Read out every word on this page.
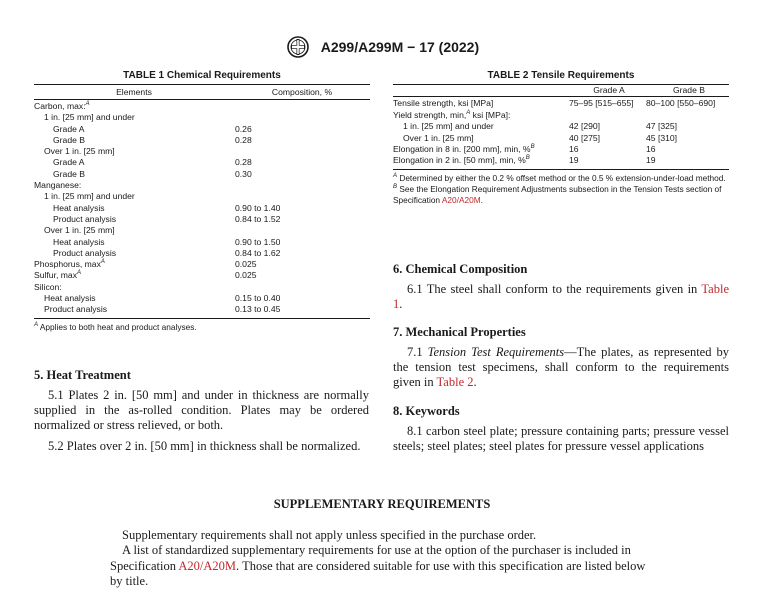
A299/A299M − 17 (2022)
TABLE 1 Chemical Requirements
Elements	Composition, %
Carbon, max:$^A$
1 in. [25 mm] and under
Grade A	0.26
Grade B	0.28
Over 1 in. [25 mm]
Grade A	0.28
Grade B	0.30
Manganese:
1 in. [25 mm] and under
Heat analysis	0.90 to 1.40
Product analysis	0.84 to 1.52
Over 1 in. [25 mm]
Heat analysis	0.90 to 1.50
Product analysis	0.84 to 1.62
Phosphorus, $\max^A$	0.025
Sulfur, $\max^A$	0.025
Silicon:
Heat analysis	0.15 to 0.40
Product analysis	0.13 to 0.45
$^A$ Applies to both heat and product analyses.
TABLE 2 Tensile Requirements
Grade A	Grade B
Tensile strength, ksi [MPa]	75–95 [515–655] 80–100 [550–690]
Yield strength, min,$^A$ ksi [MPa]:
1 in. [25 mm] and under	42 [290]	47 [325]
Over 1 in. [25 mm]	40 [275]	45 [310]
Elongation in 8 in. [200 mm], min, %$^B$	16	16
Elongation in 2 in. [50 mm], min, %$^B$	19	19
$^A$ Determined by either the 0.2 % offset method or the 0.5 % extension-under-load method.
$^B$ See the Elongation Requirement Adjustments subsection in the Tension Tests section of Specification A20/A20M.
5. Heat Treatment
5.1 Plates 2 in. [50 mm] and under in thickness are normally supplied in the as-rolled condition. Plates may be ordered normalized or stress relieved, or both.
5.2 Plates over 2 in. [50 mm] in thickness shall be normalized.
6. Chemical Composition
6.1 The steel shall conform to the requirements given in Table 1.
7. Mechanical Properties
7.1 Tension Test Requirements—The plates, as represented by the tension test specimens, shall conform to the requirements given in Table 2.
8. Keywords
8.1 carbon steel plate; pressure containing parts; pressure vessel steels; steel plates; steel plates for pressure vessel applications
SUPPLEMENTARY REQUIREMENTS
Supplementary requirements shall not apply unless specified in the purchase order.
A list of standardized supplementary requirements for use at the option of the purchaser is included in Specification A20/A20M. Those that are considered suitable for use with this specification are listed below by title.
